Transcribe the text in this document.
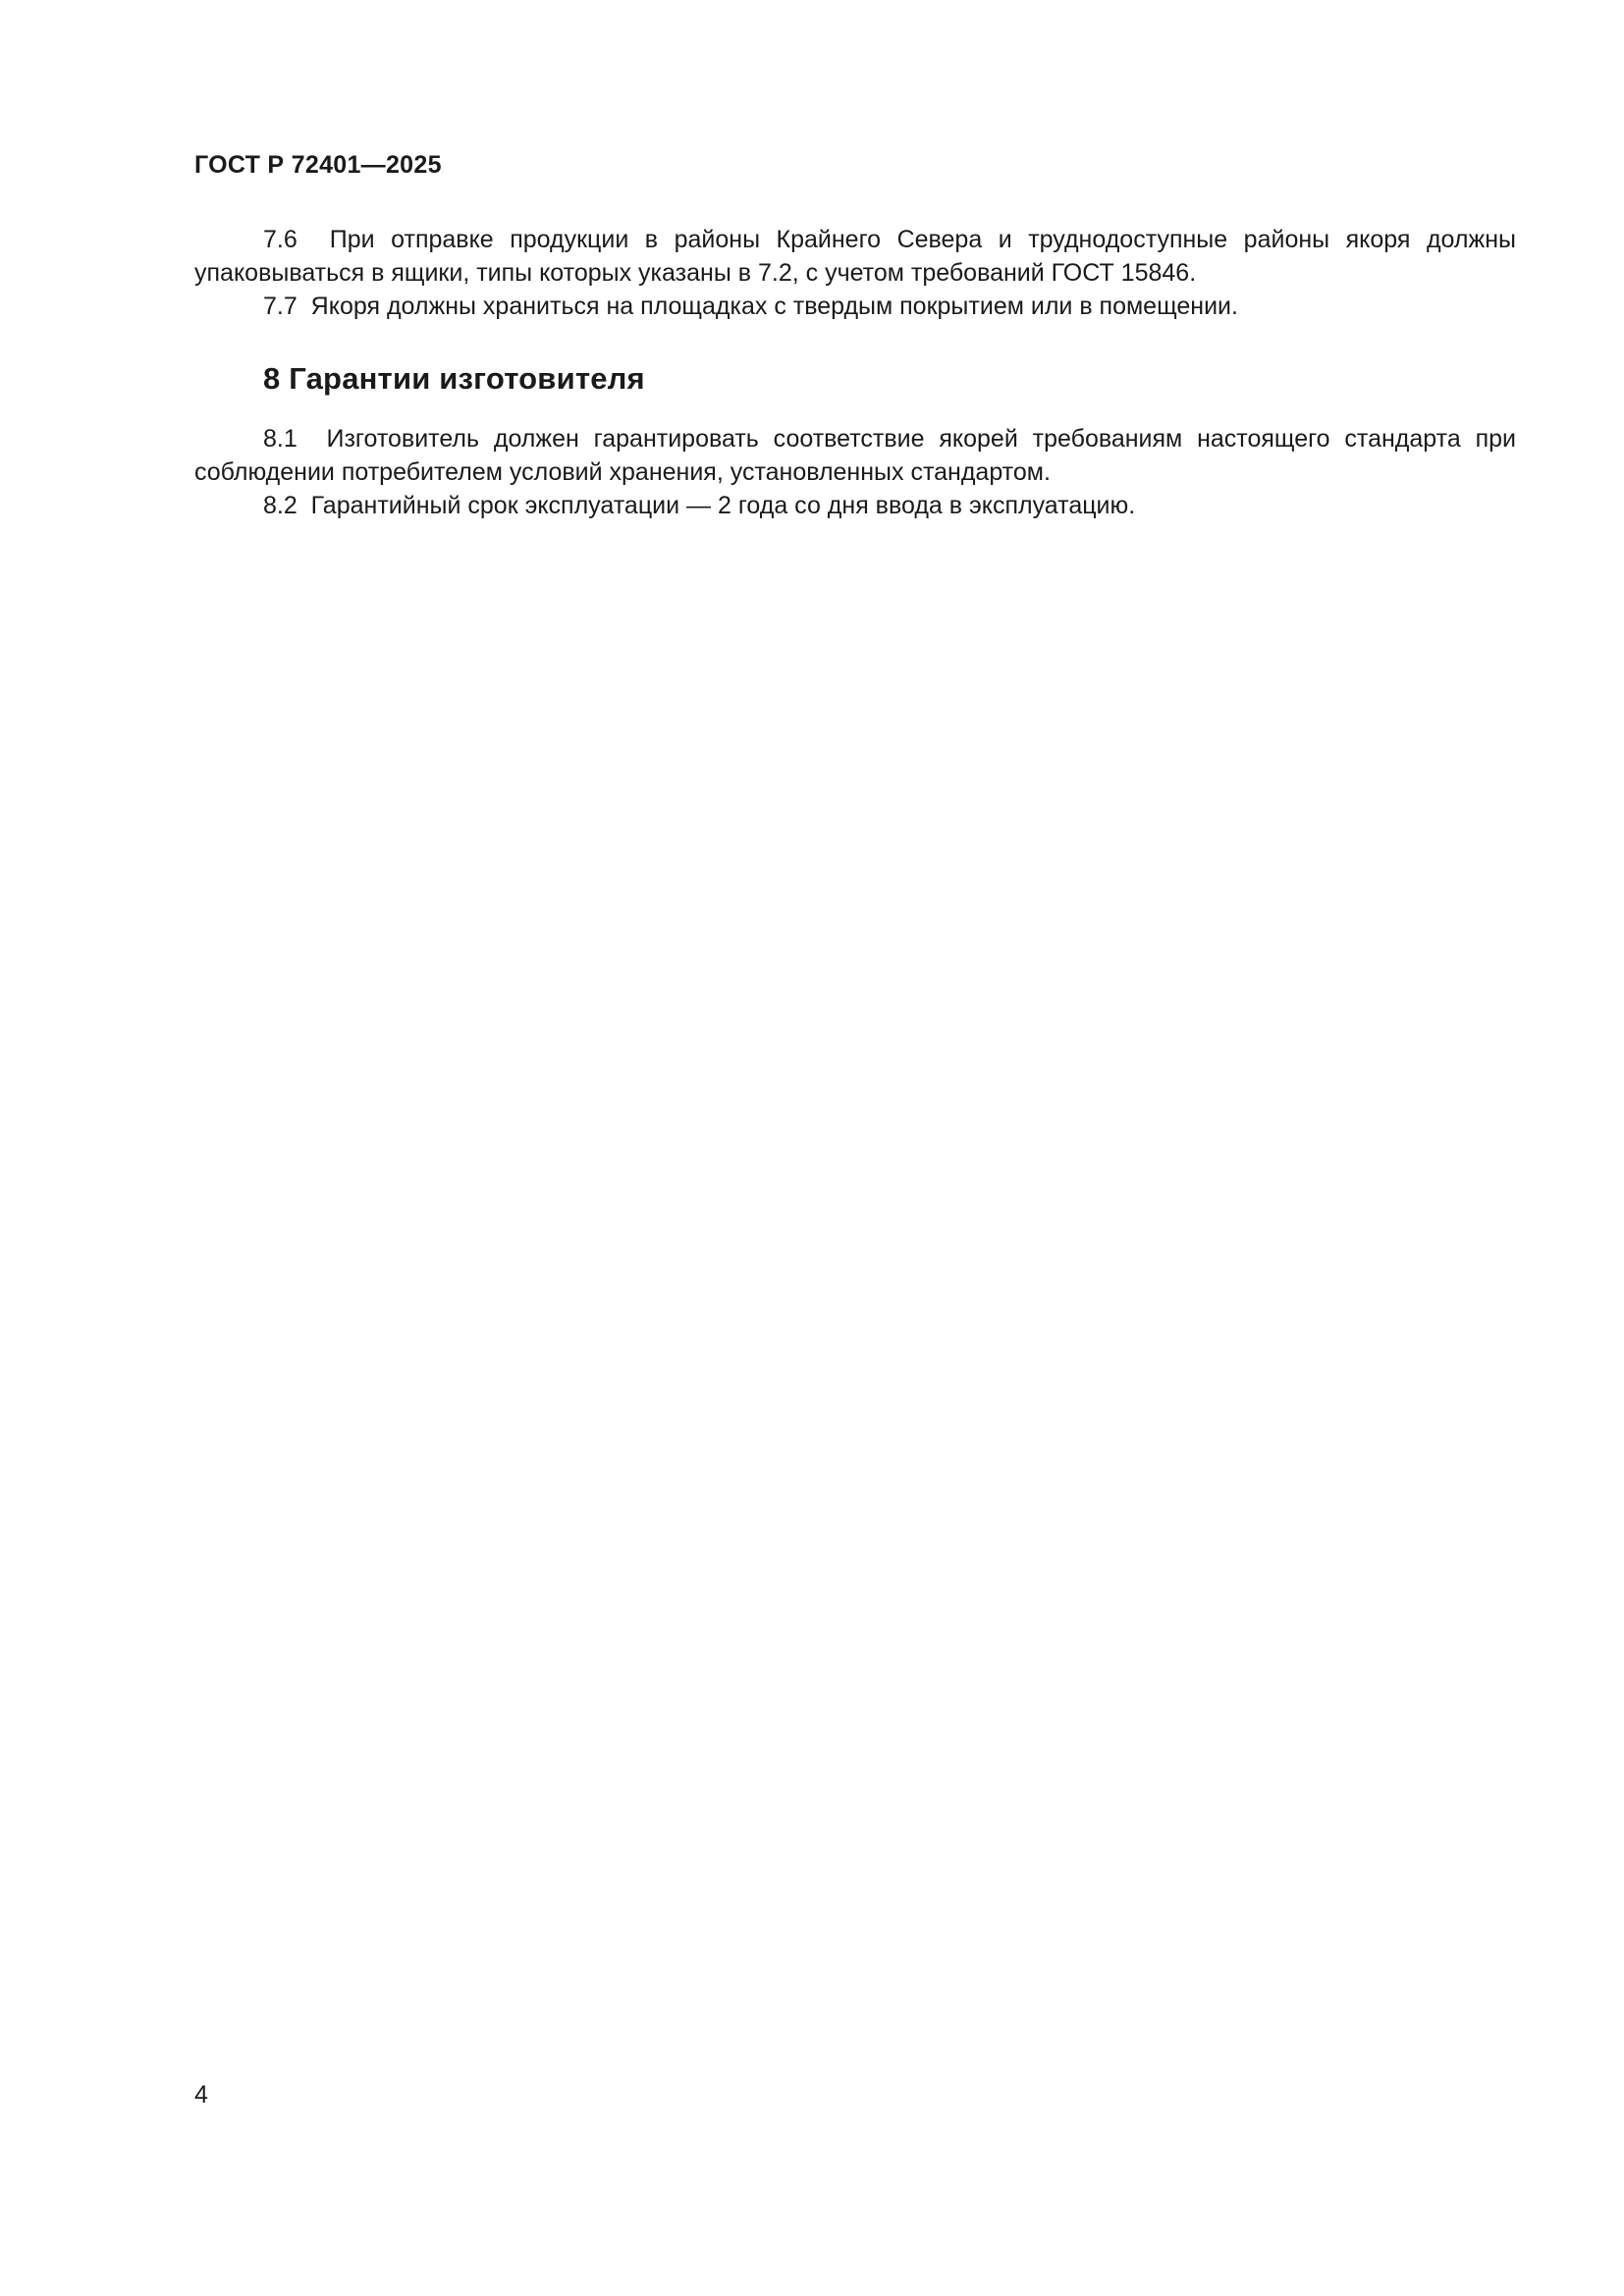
ГОСТ Р 72401—2025

7.6 При отправке продукции в районы Крайнего Севера и труднодоступные районы якоря должны упаковываться в ящики, типы которых указаны в 7.2, с учетом требований ГОСТ 15846.

7.7 Якоря должны храниться на площадках с твердым покрытием или в помещении.

8 Гарантии изготовителя

8.1 Изготовитель должен гарантировать соответствие якорей требованиям настоящего стандарта при соблюдении потребителем условий хранения, установленных стандартом.

8.2 Гарантийный срок эксплуатации — 2 года со дня ввода в эксплуатацию.

4
